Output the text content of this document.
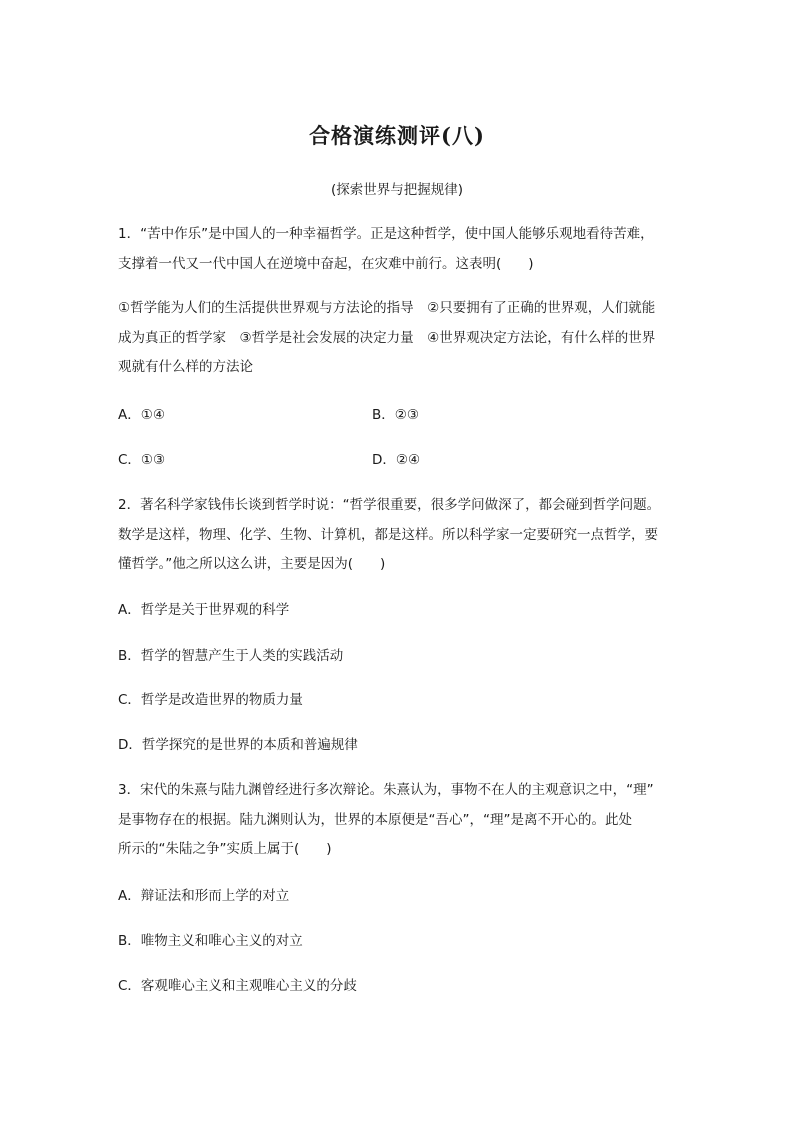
合格演练测评(八)
(探索世界与把握规律)
1．“苦中作乐”是中国人的一种幸福哲学。正是这种哲学，使中国人能够乐观地看待苦难，
支撑着一代又一代中国人在逆境中奋起，在灾难中前行。这表明(　　)
①哲学能为人们的生活提供世界观与方法论的指导　②只要拥有了正确的世界观，人们就能
成为真正的哲学家　③哲学是社会发展的决定力量　④世界观决定方法论，有什么样的世界
观就有什么样的方法论
A．①④	B．②③
C．①③	D．②④
2．著名科学家钱伟长谈到哲学时说：“哲学很重要，很多学问做深了，都会碰到哲学问题。
数学是这样，物理、化学、生物、计算机，都是这样。所以科学家一定要研究一点哲学，要
懂哲学。”他之所以这么讲，主要是因为(　　)
A．哲学是关于世界观的科学
B．哲学的智慧产生于人类的实践活动
C．哲学是改造世界的物质力量
D．哲学探究的是世界的本质和普遍规律
3．宋代的朱熹与陆九渊曾经进行多次辩论。朱熹认为，事物不在人的主观意识之中，“理”
是事物存在的根据。陆九渊则认为，世界的本原便是“吾心”，“理”是离不开心的。此处
所示的“朱陆之争”实质上属于(　　)
A．辩证法和形而上学的对立
B．唯物主义和唯心主义的对立
C．客观唯心主义和主观唯心主义的分歧
